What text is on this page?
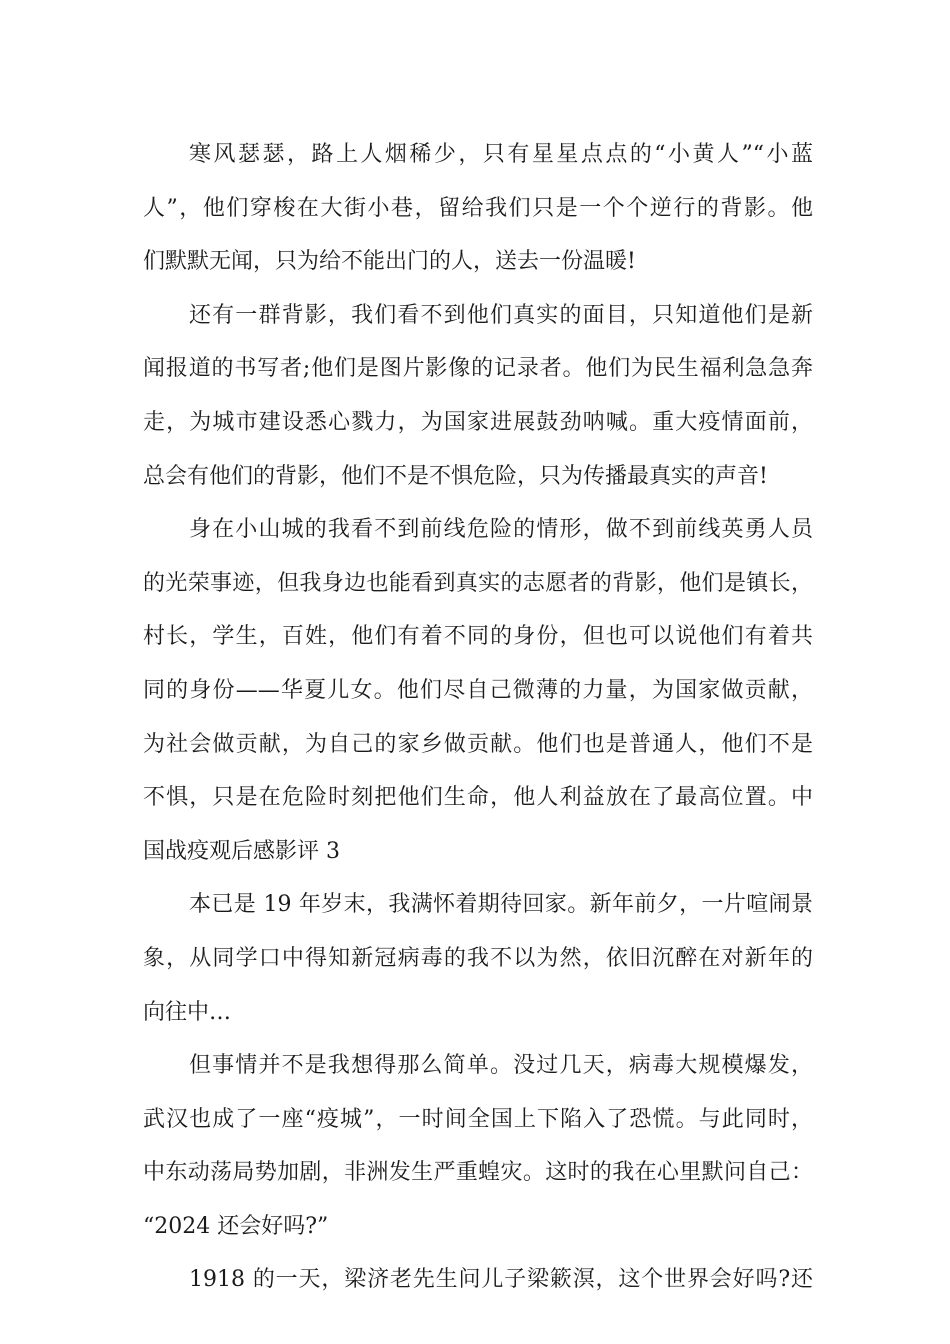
寒风瑟瑟，路上人烟稀少，只有星星点点的“小黄人”“小蓝
人”，他们穿梭在大街小巷，留给我们只是一个个逆行的背影。他
们默默无闻，只为给不能出门的人，送去一份温暖!
还有一群背影，我们看不到他们真实的面目，只知道他们是新
闻报道的书写者;他们是图片影像的记录者。他们为民生福利急急奔
走，为城市建设悉心戮力，为国家进展鼓劲呐喊。重大疫情面前，
总会有他们的背影，他们不是不惧危险，只为传播最真实的声音!
身在小山城的我看不到前线危险的情形，做不到前线英勇人员
的光荣事迹，但我身边也能看到真实的志愿者的背影，他们是镇长，
村长，学生，百姓，他们有着不同的身份，但也可以说他们有着共
同的身份——华夏儿女。他们尽自己微薄的力量，为国家做贡献，
为社会做贡献，为自己的家乡做贡献。他们也是普通人，他们不是
不惧，只是在危险时刻把他们生命，他人利益放在了最高位置。中
国战疫观后感影评 3
本已是 19 年岁末，我满怀着期待回家。新年前夕，一片喧闹景
象，从同学口中得知新冠病毒的我不以为然，依旧沉醉在对新年的
向往中…
但事情并不是我想得那么简单。没过几天，病毒大规模爆发，
武汉也成了一座“疫城”，一时间全国上下陷入了恐慌。与此同时，
中东动荡局势加剧，非洲发生严重蝗灾。这时的我在心里默问自己：
“2024 还会好吗?”
1918 的一天，梁济老先生问儿子梁簌溟，这个世界会好吗?还
